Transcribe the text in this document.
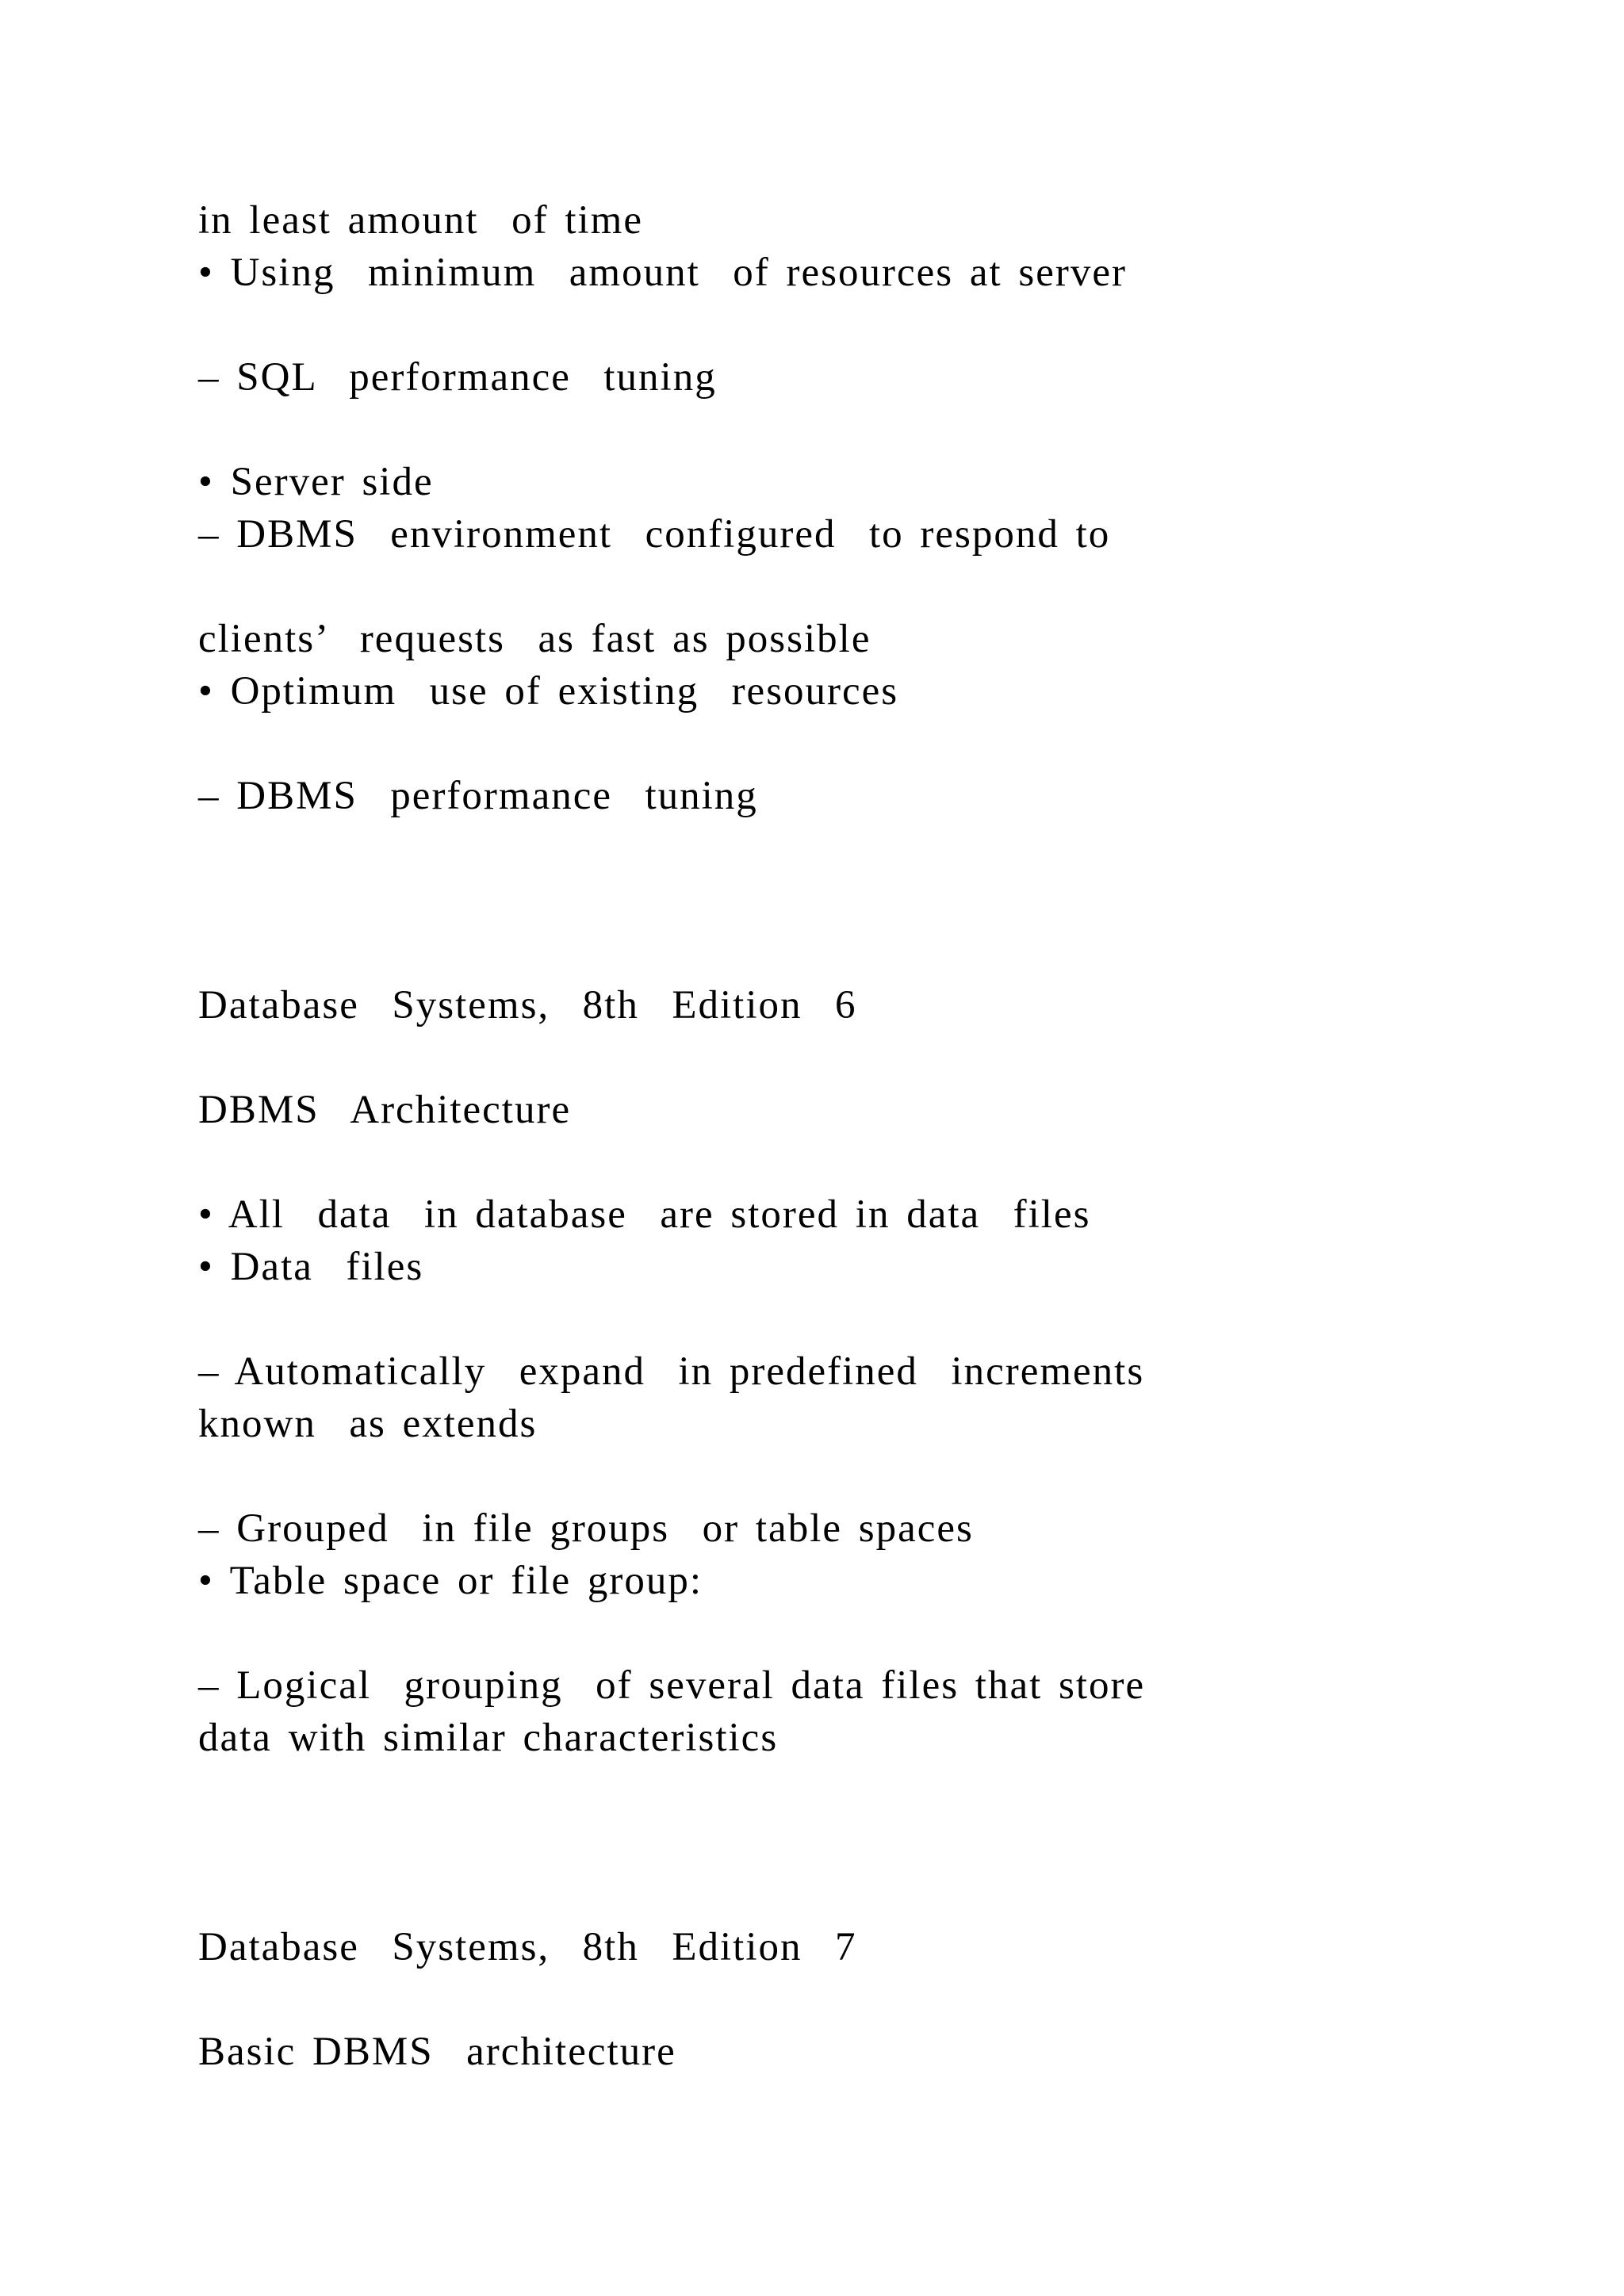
in least amount  of time
• Using  minimum  amount  of resources at server
– SQL  performance  tuning
• Server side
– DBMS  environment  configured  to respond to
clients’  requests  as fast as possible
• Optimum  use of existing  resources
– DBMS  performance  tuning
Database  Systems,  8th  Edition  6
DBMS  Architecture
• All  data  in database  are stored in data  files
• Data  files
– Automatically  expand  in predefined  increments
known  as extends
– Grouped  in file groups  or table spaces
• Table space or file group:
– Logical  grouping  of several data files that store
data with similar characteristics
Database  Systems,  8th  Edition  7
Basic DBMS  architecture
